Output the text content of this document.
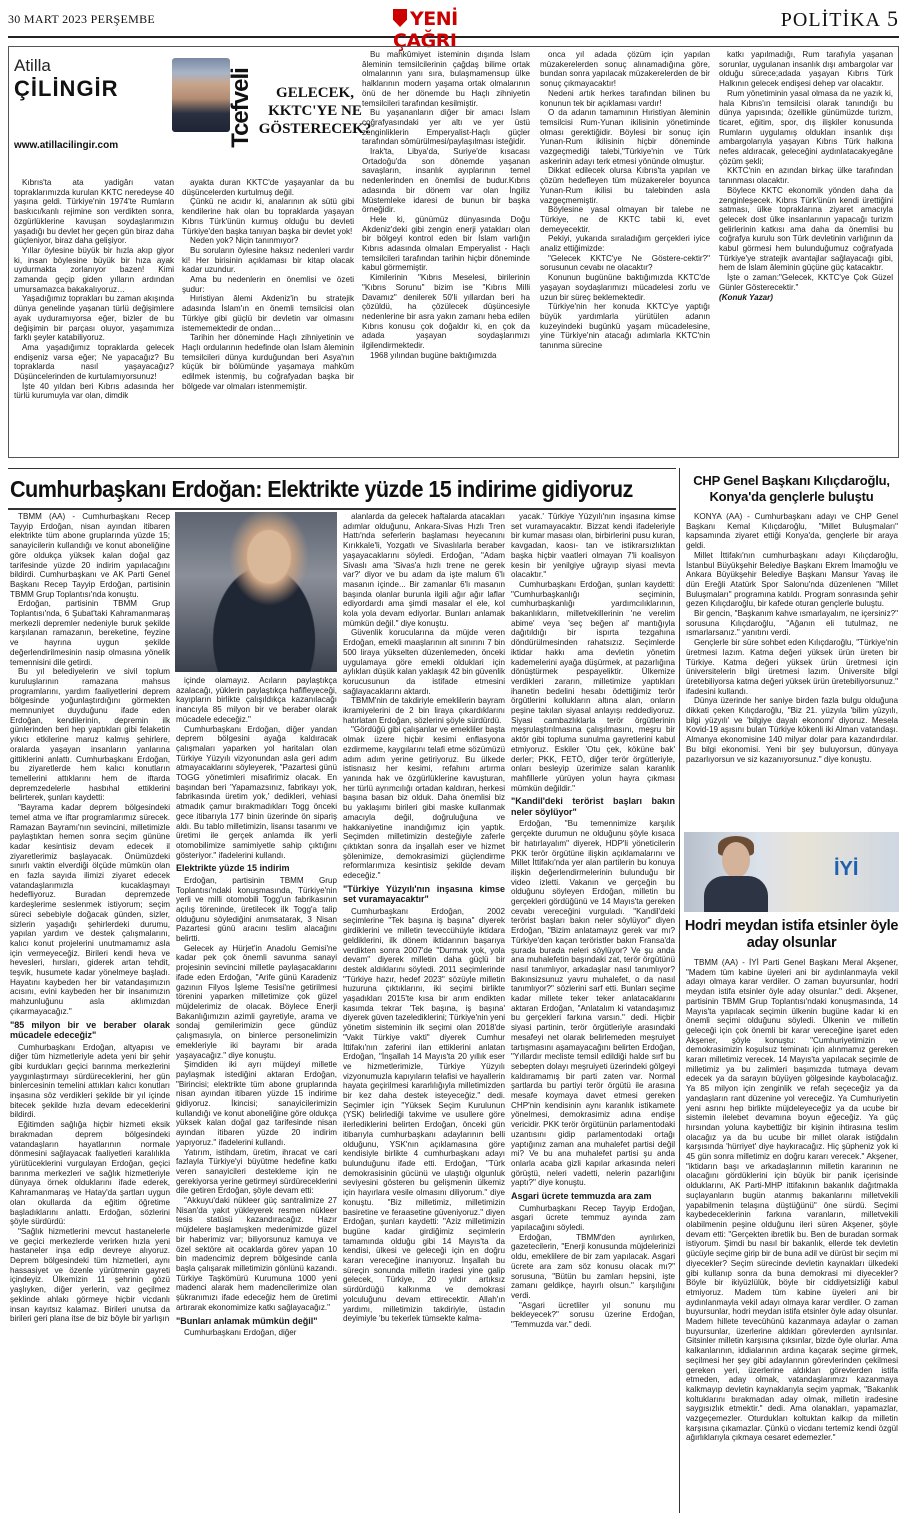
30 MART 2023 PERŞEMBE	YENİ ÇAĞRI
POLİTİKA 5
Atilla
ÇİLİNGİR
www.atillacilingir.com	Tcefveli	GELECEK, KKTC'YE NE GÖSTERECEK?

Kıbrıs'ta ata yadigârı vatan topraklarımızda kurulan KKTC neredeyse 40 yaşına geldi. Türkiye'nin 1974'te Rumların baskıcı/kanlı rejimine son verdikten sonra, özgürlüklerine kavuşan soydaşlarımızın yaşadığı bu devlet her geçen gün biraz daha güçleniyor, biraz daha gelişiyor.

Yıllar öylesine büyük bir hızla akıp giyor ki, insan böylesine büyük bir hıza ayak uydurmakta zorlanıyor bazen! Kimi zamanda geçip giden yılların ardından umursamazca bakakalıyoruz…

Yaşadığımız toprakları bu zaman akışında dünya genelinde yaşanan türlü değişimlere ayak uyduramıyorsa eğer, bizler de bu değişimin bir parçası oluyor, yaşamımıza farklı şeyler katabiliyoruz.

Ama yaşadığımız topraklarda gelecek endişeniz varsa eğer; Ne yapacağız? Bu topraklarda nasıl yaşayacağız? Düşüncelerinden de kurtulamıyorsunuz!

İşte 40 yıldan beri Kıbrıs adasında her türlü kurumuyla var olan, dimdik

ayakta duran KKTC'de yaşayanlar da bu düşüncelerden kurtulmuş değil.

Çünkü ne acıdır ki, analarının ak sütü gibi kendilerine hak olan bu topraklarda yaşayan Kıbrıs Türk'ünün kurmuş olduğu bu devleti Türkiye'den başka tanıyan başka bir devlet yok!

Neden yok? Niçin tanınmıyor?

Bu soruların öylesine haksız nedenleri vardır ki! Her birisinin açıklaması bir kitap olacak kadar uzundur.

Ama bu nedenlerin en önemlisi ve özeti şudur:

Hıristiyan âlemi Akdeniz'in bu stratejik adasında İslam'ın en önemli temsilcisi olan Türkiye gibi güçlü bir devletin var olmasını istememektedir de ondan…

Tarihin her döneminde Haçlı zihniyetinin ve Haçlı ordularının hedefinde olan İslam âleminin temsilcileri dünya kurduğundan beri Asya'nın küçük bir bölümünde yaşamaya mahkûm edilmek istenmiş, bu coğrafyadan başka bir bölgede var olmaları istenmemiştir.

Bu mahkûmiyet isteminin dışında İslam âleminin temsilcilerinin çağdaş bilime ortak olmalarının yanı sıra, bulaşmamensup ülke halklarının modern yaşama ortak olmalarının önü de her dönemde bu Haçlı zihniyetin temsilcileri tarafından kesilmiştir.

Bu yaşananların diğer bir amacı İslam coğrafyasındaki yer altı ve yer üstü zenginliklerin Emperyalist-Haçlı güçler tarafından sömürülmesi/paylaşılması isteğidir.

Irak'ta, Libya'da, Suriye'de kısacası Ortadoğu'da son dönemde yaşanan savaşların, insanlık ayıplarının temel nedenlerinden en önemlisi de budur.Kıbrıs adasında bir dönem var olan İngiliz Müstemleke idaresi de bunun bir başka örneğidir.

Hele ki, günümüz dünyasında Doğu Akdeniz'deki gibi zengin enerji yatakları olan bir bölgeyi kontrol eden bir İslam varlığın Kıbrıs adasında olmaları Emperyalist - Haçlı temsilcileri tarafından tarihin hiçbir döneminde kabul görmemiştir.

Kimilerinin "Kıbrıs Meselesi, birilerinin "Kıbrıs Sorunu" bizim ise "Kıbrıs Milli Davamız" denilerek 50'li yıllardan beri ha çözüldü, ha çözülecek düşüncesiyle nedenlerine bir asra yakın zamanı heba edilen Kıbrıs konusu çok doğaldır ki, en çok da adada yaşayan soydaşlarımızı ilgilendirmektedir.

1968 yılından bugüne baktığımızda

onca yıl adada çözüm için yapılan müzakerelerden sonuç alınamadığına göre, bundan sonra yapılacak müzakerelerden de bir sonuç çıkmayacaktır!

Nedeni artık herkes tarafından bilinen bu konunun tek bir açıklaması vardır!

O da adanın tamamının Hıristiyan âleminin temsilcisi Rum-Yunan ikilisinin yönetiminde olması gerektiğidir. Böylesi bir sonuç için Yunan-Rum ikilisinin hiçbir döneminde vazgeçmediği talebi,"Türkiye'nin ve Türk askerinin adayı terk etmesi yönünde olmuştur.

Dikkat edilecek olursa Kıbrıs'ta yapılan ve çözüm hedefleyen tüm müzakereler boyunca Yunan-Rum ikilisi bu talebinden asla vazgeçmemiştir.

Böylesine yasal olmayan bir talebe ne Türkiye, ne de KKTC tabii ki, evet demeyecektir.

Pekiyi, yukarıda sıraladığım gerçekleri iyice analiz ettiğimizde:

"Gelecek KKTC'ye Ne Göstere-cektir?" sorusunun cevabı ne olacaktır?

Konunun bugününe baktığımızda KKTC'de yaşayan soydaşlarımızı mücadelesi zorlu ve uzun bir süreç beklemektedir.

Türkiye'nin her konuda KKTC'ye yaptığı büyük yardımlarla yürütülen adanın kuzeyindeki bugünkü yaşam mücadelesine, yine Türkiye'nin atacağı adımlarla KKTC'nin tanınma sürecine

katkı yapılmadığı, Rum tarafıyla yaşanan sorunlar, uygulanan insanlık dışı ambargolar var olduğu sürece;adada yaşayan Kıbrıs Türk Halkının gelecek endişesi dehep var olacaktır.

Rum yönetiminin yasal olmasa da ne yazık ki, hala Kıbrıs'ın temsilcisi olarak tanındığı bu dünya yapısında; özellikle günümüzde turizm, ticaret, eğitim, spor, dış ilişkiler konusunda Rumların uygulamış oldukları insanlık dışı ambargolarıyla yaşayan Kıbrıs Türk halkına nefes aldıracak, geleceğini aydınlatacakyegâne çözüm şekli;

KKTC'nin en azından birkaç ülke tarafından tanınması olacaktır.

Böylece KKTC ekonomik yönden daha da zenginleşecek. Kıbrıs Türk'ünün kendi ürettiğini satması, ülke topraklarına ziyaret amacıyla gelecek dost ülke insanlarının yapacağı turizm gelirlerinin katkısı ama daha da önemlisi bu coğrafya kurulu son Türk devletinin varlığının da kabul görmesi hem bulunduğumuz coğrafyada Türkiye'ye stratejik avantajlar sağlayacağı gibi, hem de İslam âleminin güçüne güç katacaktır.

İşte o zaman:"Gelecek, KKTC'ye Çok Güzel Günler Gösterecektir."

(Konuk Yazar)

Cumhurbaşkanı Erdoğan: Elektrikte yüzde 15 indirime gidiyoruz

TBMM (AA) - Cumhurbaşkanı Recep Tayyip Erdoğan, nisan ayından itibaren elektrikte tüm abone gruplarında yüzde 15; sanayicilerin kullandığı ve konut aboneliğine göre oldukça yüksek kalan doğal gaz tarifesinde yüzde 20 indirim yapılacağını bildirdi. Cumhurbaşkanı ve AK Parti Genel Başkanı Recep Tayyip Erdoğan, partisinin TBMM Grup Toplantısı'nda konuştu.

Erdoğan, partisinin TBMM Grup Toplantısı'nda, 6 Şubat'taki Kahramanmaraş merkezli depremler nedeniyle buruk şekilde karşılanan ramazanın, bereketine, feyzine ve hayrına uygun şekilde değerlendirilmesinin nasip olmasına yönelik temennisini dile getirdi.

Bu yıl belediyelerin ve sivil toplum kuruluşlarının ramazana mahsus programlarını, yardım faaliyetlerini deprem bölgesinde yoğunlaştırdığını görmekten memnuniyet duyduğunu ifade eden Erdoğan, kendilerinin, depremin ilk günlerinden beri hep yaptıkları gibi felaketin yıkıcı etkilerine maruz kalmış şehirlere, oralarda yaşayan insanların yanlarına gittiklerini anlattı. Cumhurbaşkanı Erdoğan, bu ziyaretlerde hem kalıcı konutların temellerini attıklarını hem de iftarda depremzedelerle hasbıhal ettiklerini belirterek, şunları kaydetti:

"Bayrama kadar deprem bölgesindeki temel atma ve iftar programlarımız sürecek. Ramazan Bayramı'nın sevincini, milletimizle paylaştıktan hemen sonra seçim gününe kadar kesintisiz devam edecek il ziyaretlerimiz başlayacak. Önümüzdeki sınırlı vaktin elverdiği ölçüde mümkün olan en fazla sayıda ilimizi ziyaret edecek vatandaşlarımızla kucaklaşmayı hedefliyoruz. Buradan depremzede kardeşlerime seslenmek istiyorum; seçim süreci sebebiyle doğacak günden, sizler, sizlerin yaşadığı şehirlerdeki durumu, yapılan yardım ve destek çalışmalarını, kalıcı konut projelerini unutmamamız asla için vermeyeceğiz. Birileri kendi heva ve hevesleri, hırsları, giderek artan tehdit, teşvik, husumete kadar yönelmeye başladı. Hayatını kaybeden her bir vatandaşımızın acısını, evini kaybeden her bir insanımızın mahzunluğunu asla aklımızdan çıkarmayacağız."

"85 milyon bir ve beraber olarak mücadele edeceğiz"

Cumhurbaşkanı Erdoğan, altyapısı ve diğer tüm hizmetleriyle adeta yeni bir şehir gibi kurdukları geçici barınma merkezlerini yaygınlaştırmayı sürdüreceklerini, her gün binlercesinin temelini attıkları kalıcı konutları inşasına söz verdikleri şekilde bir yıl içinde bitecek şekilde hızla devam edeceklerini bildirdi.

Eğitimden sağlığa hiçbir hizmeti eksik bırakmadan deprem bölgesindeki vatandaşların hayatlarının normale dönmesini sağlayacak faaliyetleri karalılıkla yürütüceklerini vurgulayan Erdoğan, geçici barınma merkezleri ve sağlık hizmetleriyle dünyaya örnek olduklarını ifade ederek, Kahramanmaraş ve Hatay'da şartları uygun olan okullarda da eğitim öğretime başladıklarını anlattı. Erdoğan, sözlerini şöyle sürdürdü:

"Sağlık hizmetlerini mevcut hastanelerle ve geçici merkezlerde verirken hızla yeni hastaneler inşa edip devreye alıyoruz. Deprem bölgesindeki tüm hizmetleri, aynı hassasiyet ve özenle yürütmenin gayreti içindeyiz. Ülkemizin 11 şehrinin gözü yaşlıyken, diğer yerlerin, vaz geçilmez şeklinde ahlakı görmeye hiçbir vicdanlı insan kayıtsız kalamaz. Birileri unutsa da birileri geri plana itse de biz böyle bir yarlışın

içinde olamayız. Acıların paylaştıkça azalacağı, yüklerin paylaştıkça hafifleyeceği, kayıpların birlikte çalışıldıkça kazanılacağı inancıyla 85 milyon bir ve beraber olarak mücadele edeceğiz."

Cumhurbaşkanı Erdoğan, diğer yandan deprem bölgesini ayağa kaldıracak çalışmaları yaparken yol haritaları olan Türkiye Yüzyılı vizyonundan asla geri adım atmayacaklarını söyleyerek, "Pazartesi günü TOGG yönetimleri misafirimiz olacak. En başından beri 'Yapamazsınız, fabrikayı yok, fabrikasında üretim yok,' dedikleri, vehiasi atmadık çamur bırakmadıkları Togg önceki gece itibarıyla 177 binin üzerinde ön sipariş aldı. Bu tablo milletimizin, lisansı tasarımı ve üretimi ile gerçek anlamda ilk yerli otomobilimize samimiyetle sahip çıktığını gösteriyor." ifadelerini kullandı.

Elektrikte yüzde 15 indirim

Erdoğan, partisinin TBMM Grup Toplantısı'ndaki konuşmasında, Türkiye'nin yerli ve milli otomobili Togg'un fabrikasının açılış töreninde, üretilecek ilk Togg'a talip olduğunu söylediğini anımsatarak, 3 Nisan Pazartesi günü aracını teslim alacağını belirtti.

Gelecek ay Hürjet'in Anadolu Gemisi'ne kadar pek çok önemli savunma sanayi projesinin sevincini milletle paylaşacaklarını ifade eden Erdoğan, "Arife günü Karadeniz gazının Filyos İşleme Tesisi'ne getirilmesi törenini yaparken milletimize çok güzel müjdelerimiz de olacak. Böylece Enerji Bakanlığımızın azimli gayretiyle, arama ve sondaj gemilerimizin gece gündüz çalışmasıyla, on binlerce personelimizin emekleriyle iki bayramı bir arada yaşayacağız." diye konuştu.

Şimdiden iki ayrı müjdeyi milletle paylaşmak istediğini aktaran Erdoğan, "Birincisi; elektrikte tüm abone gruplarında nisan ayından itibaren yüzde 15 indirime gidiyoruz. İkincisi; sanayicilerimizin kullandığı ve konut aboneliğine göre oldukça yüksek kalan doğal gaz tarifesinde nisan ayından itibaren yüzde 20 indirim yapıyoruz." ifadelerini kullandı.

Yatırım, istihdam, üretim, ihracat ve cari fazlayla Türkiye'yi büyütme hedefine katkı veren sanayicileri destekleme için ne gerekiyorsa yerine getirmeyi sürdüreceklerini dile getiren Erdoğan, şöyle devam etti:

"Akkuyu'daki nükleer güç santralimize 27 Nisan'da yakıt yükleyerek resmen nükleer tesis statüsü kazandıracağız. Hazır müjdelere başlamışken medenimizde güzel bir haberimiz var; biliyorsunuz kamuya ve özel sektöre ait ocaklarda görev yapan 10 bin madencimiz deprem bölgesinde canla başla çalışarak milletimizin gönlünü kazandı. Türkiye Taşkömürü Kurumuna 1000 yeni madenci alarak hem madencilerimize olan şükranımızı ifade edeceğiz hem de üretimi artırarak ekonomimize katkı sağlayacağız."

"Bunları anlamak mümkün değil"

Cumhurbaşkanı Erdoğan, diğer

alanlarda da gelecek haftalarda atacakları adımlar olduğunu, Ankara-Sivas Hızlı Tren Hattı'nda seferlerin başlaması heyecanını Kırıkkale'li, Yozgatlı ve Sivaslılarla beraber yaşayacaklarını söyledi. Erdoğan, "Adam Sivaslı ama 'Sivas'a hızlı trene ne gerek var?' diyor ve bu adam da işte malum 6'lı masanın içinde... Bir zamanlar 6'lı masanın başında olanlar burunla ilgili ağır ağır laflar ediyordardı ama şimdi masalar el ele, kol kola yola devam ediyorlar. Bunları anlamak mümkün değil." diye konuştu.

Güvenlik korucularına da müjde veren Erdoğan, emekli maaşlarının alt sınırını 7 bin 500 liraya yükselten düzenlemeden, önceki uygulamaya göre emekli olduklari için aylıkları düşük kalan yaklaşık 42 bin güvenlik korucusunun da istifade etmesini sağlayacaklarını aktardı.

TBMM'nin de takdiriyle emeklilerin bayram ikramiyelerini de 2 bin liraya çıkardıklarını hatırlatan Erdoğan, sözlerini şöyle sürdürdü.

"Gördüğü gibi çalışanlar ve emekliler başta olmak üzere hiçbir kesimi enflasyona ezdirmeme, kaygılarını telafi etme sözümüzü adım adım yerine getiriyoruz. Bu ülkede istisnasız her kesimi, refahını artırma yanında hak ve özgürlüklerine kavuşturan, her türlü ayrımcılığı ortadan kaldıran, herkesi başına basan biz olduk. Daha önemlisi biz bu yaklaşımı birileri gibi maske kullanmak amacıyla değil, doğruluğuna ve hakkaniyetine inandığımız için yaptık. Seçimden milletimizin desteğiyle zaferle çıktıktan sonra da inşallah eser ve hizmet şölenimize, demokrasimizi güçlendirme reformlarımıza kesintisiz şekilde devam edeceğiz."

"Türkiye Yüzyılı'nın inşasına kimse set vuramayacaktır"

Cumhurbaşkanı Erdoğan, 2002 seçimlerine "Tek başına iş başına" diyerek girdiklerini ve milletin teveccühüyle iktidara geldiklerini, ilk dönem iktidarının başarıya verdikten sonra 2007'de "Durmak yok, yola devam" diyerek milletin daha güçlü bir destek aldıklarını söyledi. 2011 seçimlerinde "Türkiye hazır, hedef 2023" sözüyle milletin huzuruna çıktıklarını, iki seçimi birlikte yaşadıkları 2015'te kısa bir arım endikten kasımda tekrar 'Tek başına, iş başına' diyerek güven tazelediklerini; Türkiye'nin yeni yönetim sisteminin ilk seçimi olan 2018'de "Vakit Türkiye vakti" diyerek Cumhur İttifakı'nın zaferini ilan ettiklerini anlatan Erdoğan, "İnşallah 14 Mayıs'ta 20 yıllık eser ve hizmetlerimizle, Türkiye Yüzyılı vizyonumuzla kapıyıların telafisi ve hayallerin hayata geçirilmesi kararlılığıyla milletimizden bir kez daha destek isteyeceğiz." dedi. Seçimler için "Yüksek Seçim Kurulunun (YSK) belirlediği takvime ve usullere göre ilerlediklerini belirten Erdoğan, önceki gün itibarıyla cumhurbaşkanı adaylarının belli olduğunu, YSK'nın açıklamasına göre kendisiyle birlikte 4 cumhurbaşkanı adayı bulunduğunu ifade etti. Erdoğan, "Türk demokrasisinin gücünü ve ulaştığı olgunluk seviyesini gösteren bu gelişmenin ülkemiz için hayırlara vesile olmasını diliyorum." diye konuştu. "Biz milletimiz, milletimizin basiretine ve feraasetine güveniyoruz." diyen Erdoğan, şunları kaydetti: "Aziz milletimizin bugüne kadar girdiğimiz seçimlerin tamamında olduğu gibi 14 Mayıs'ta da kendisi, ülkesi ve geleceği için en doğru kararı vereceğine inanıyoruz. İnşallah bu süreçin sonunda milletin iradesi yine galip gelecek, Türkiye, 20 yıldır artıksız sürdürdüğü kalkınma ve demokrasi yolculuğunu devam ettirecektir. Allah'ın yardımı, milletimizin takdiriyle, üstadın deyimiyle 'bu tekerlek tümsekte kalma-

yacak.' Türkiye Yüzyılı'nın inşasına kimse set vuramayacaktır. Bizzat kendi ifadeleriyle bir kumar masası olan, birbirlerini pusu kuran, kavgadan, kaosı- tan ve istikrarsızlıktan başka hiçbir vaatleri olmayan 7'li koalisyon kesin bir yenilgiye uğrayıp siyasi mevta olacaktır."

Cumhurbaşkanı Erdoğan, şunları kaydetti: "Cumhurbaşkanlığı seçiminin, cumhurbaşkanlığı yardımcılıklarının, bakanlıkların, milletvekillerinin 'ne verelim abime' veya 'seç beğen al' mantığıyla dağıtıldığı bir ispırta tezgahına döndürülmesinden rahatsızız. Seçimlerde iktidar hakkı ama devletin yönetim kademelerini ayağa düşürmek, at pazarlığına dönüştürmek pespayeliktir. Ülkemize verdikleri zararın, milletimize yaptıkları ihanetin bedelini hesabı ödettiğimiz terör örgütlerini kollukların altına alan, onların peşine takılan siyasal anlayışı reddediyoruz. Siyasi cambazlıklarla terör örgütlerinin meşrulaştırılmasına çalışılmasını, meşru bir aktör gibi topluma sunulma gayretlerini kabul etmiyoruz. Eskiler 'Otu çek, köküne bak' derler; PKK, FETÖ, diğer terör örgütleriyle, onları besleyip üzerimize salan karanlık mahfillerle yürüyen yolun hayra çıkması mümkün değildir."

"Kandil'deki terörist başları bakın neler söylüyor"

Erdoğan, "Bu temennimize karşılık gerçekte durumun ne olduğunu şöyle kısaca bir hatırlayalım" diyerek, HDP'li yöneticilerin PKK terör örgütüne ilişkin açıklamalarını ve Millet İttifakı'nda yer alan partilerin bu konuya ilişkin değerlendirmelerinin bulunduğu bir video izletti. Vakanın ve gerçeğin bu olduğunu söyleyen Erdoğan, milletin bu gerçekleri gördüğünü ve 14 Mayıs'ta gereken cevabı vereceğini vurguladı. "Kandil'deki terörist başları bakın neler söylüyor" diyen Erdoğan, "Bizim anlatamayız gerek var mı? Türkiye'den kaçan teröristler bakın Fransa'da şurada burada neleri söylüyor? Ve şu anda ana muhalefetin başındaki zat, terör örgütünü nasıl tanımlıyor, arkadaşlar nasıl tanımlıyor? Bakınsizsunuz yavru muhalefet, o da nasıl tanımlıyor?" sözlerini sarf etti. Bunları seçime kadar millete teker teker anlatacaklarını aktaran Erdoğan, "Anlatalım ki vatandaşımız bu gerçekleri farkına varsın." dedi. Hiçbir siyasi partinin, terör örgütleriyle arasındaki mesafeyi net olarak belirlemeden meşruiyet tartışmasını aşamayacağını belirten Erdoğan, "Yıllardır mecliste temsil edildiği halde sırf bu sebepten dolayı meşruiyeti üzerindeki gölgeyi kaldıramamış bir parti zaten var. Normal şartlarda bu partiyi terör örgütü ile arasına mesafe koymaya davet etmesi gereken CHP'nin kendisinin aynı karanlık istikamete yönelmesi, demokrasimiz adına endişe vericidir. PKK terör örgütünün parlamentodaki uzantısını gidip parlamentodaki ortağı yaptığınız zaman ana muhalefet partisi değil mi? Ve bu ana muhalefet partisi şu anda onlarla acaba gizli kapılar arkasında neleri görüştü, neleri vadetti, nelerin pazarlığını yaptı?" diye konuştu.

Asgari ücrete temmuzda ara zam

Cumhurbaşkanı Recep Tayyip Erdoğan, asgari ücrete temmuz ayında zam yapılacağını söyledi.

Erdoğan, TBMM'den ayrılırken, gazetecilerin, "Enerji konusunda müjdelerinizi oldu, emeklilere de bir zam yapılacak. Asgari ücrete ara zam söz konusu olacak mı?" sorusuna, "Bütün bu zamları hepsini, işte zamanı geldikçe, hayırlı olsun." karşılığını verdi.

"Asgari ücretliler yıl sonunu mu bekleyecek?" sorusu üzerine Erdoğan, "Temmuzda var." dedi.

CHP Genel Başkanı Kılıçdaroğlu, Konya'da gençlerle buluştu

KONYA (AA) - Cumhurbaşkanı adayı ve CHP Genel Başkanı Kemal Kılıçdaroğlu, "Millet Buluşmaları" kapsamında ziyaret ettiği Konya'da, gençlerle bir araya geldi.

Millet İttifakı'nın cumhurbaşkanı adayı Kılıçdaroğlu, İstanbul Büyükşehir Belediye Başkanı Ekrem İmamoğlu ve Ankara Büyükşehir Belediye Başkanı Mansur Yavaş ile dün Ereğli Atatürk Spor Salonu'nda düzenlenen "Millet Buluşmaları" programına katıldı. Program sonrasında şehir gezen Kılıçdaroğlu, bir kafede oturan gençlerle buluştu.

Bir gencin, "Başkanım kahve ısmarlayalım, ne içersiniz?" sorusuna Kılıçdaroğlu, "Ağanın eli tutulmaz, ne ısmarlarsanız." yanıtını verdi.

Gençlerle bir süre sohbet eden Kılıçdaroğlu, "Türkiye'nin üretmesi lazım. Katma değeri yüksek ürün üreten bir Türkiye. Katma değeri yüksek ürün üretmesi için üniversitelerin bilgi üretmesi lazım. Üniversite bilgi üretebiliyorsa katma değeri yüksek ürün üretebiliyorsunuz." ifadesini kullandı.

Dünya üzerinde her saniye birden fazla bulgu olduğuna dikkati çeken Kılıçdaroğlu, "Biz 21. yüzyıla 'bilim yüzyılı, bilgi yüzyılı' ve 'bilgiye dayalı ekonomi' diyoruz. Mesela Kovid-19 aşısını bulan Türkiye kökenli iki Alman vatandaşı. Almanya ekonomisine 140 milyar dolar para kazandırdılar. Bu bilgi ekonomisi. Yeni bir şey buluyorsun, dünyaya pazarlıyorsun ve siz kazanıyorsunuz." diye konuştu.

İYİ
Hodri meydan istifa etsinler öyle aday olsunlar

TBMM (AA) - İYİ Parti Genel Başkanı Meral Akşener, "Madem tüm kabine üyeleri ani bir aydınlanmayla vekil adayı olmaya karar verdiler. O zaman buyursunlar, hodri meydan istifa etsinler öyle aday olsunlar." dedi. Akşener, partisinin TBMM Grup Toplantısı'ndaki konuşmasında, 14 Mayıs'ta yapılacak seçimin ülkenin bugüne kadar ki en önemli seçimi olduğunu söyledi. Ülkenin ve milletin geleceği için çok önemli bir karar vereceğine işaret eden Akşener, şöyle konuştu: "Cumhuriyetimizin ve demokrasimizin koşulsuz teminatı için alınmamız gereken kararı milletimiz verecek. 14 Mayıs'ta yapılacak seçimle de milletimiz ya bu zalimleri başımızda tutmaya devam edecek ya da sarayın büyüyen gölgesinde kaybolacağız. Ya 85 milyon için zenginlik ve refah seçeceğiz ya da yandaşların rant düzenine yol vereceğiz. Ya Cumhuriyetin yeni asrını hep birlikte müjdeleyeceğiz ya da ucube bir sistemin ilelebet devamına boyun eğeceğiz. Ya güç hırsından yoluna kaybettiğiz bir kişinin ihtirasına teslim olacağız ya da bu ucube bir millet olarak istiğdalın karşısında 'hürriyet' diye haykıracağız. Hiç şüpheniz yok ki 45 gün sonra milletimiz en doğru kararı verecek." Akşener, "iktidarın başı ve arkadaşlarının milletin kararının ne olacağını gördüklerini için büyük bir panik içerisinde olduklarını, AK Parti-MHP ittifakının bakanlık dağıtmakla suçlayanların bugün atanmış bakanlarını milletvekili yapabilmenin telaşına düştüğünü" öne sürdü. Seçimi kaybedeceklerinin farkına varanların, milletvekili olabilmenin peşine olduğunu ileri süren Akşener, şöyle devam etti: "Gerçekten ibretlik bu. Ben de buradan sormak istiyorum. Şimdi bu nasıl bir bakanlık, ellerde tek devletin gücüyle seçime girip bir de buna adil ve dürüst bir seçim mi diyecekler? Seçim sürecinde devletin kaynakları ülkedeki gibi kullanıp sonra da buna demokrasi mi diyecekler? Böyle bir ikiyüzlülük, böyle bir ciddiyetsizliği kabul etmiyoruz. Madem tüm kabine üyeleri ani bir aydınlanmayla vekil adayı olmaya karar verdiler. O zaman buyursunlar, hodri meydan istifa etsinler öyle aday olsunlar. Madem hillete tevecühünü kazanmaya adaylar o zaman buyursunlar, üzerlerine aldıkları görevlerden ayrılsınlar. Gitsinler milletin karşısına çıksınlar, bizde öyle olurlar. Ama kalkanlarının, iddialarının ardına kaçarak seçime girmek, seçilmesi her şey gibi adaylarının görevlerinden çekilmesi gereken yeri, üzerlerine aldıkları görevlerden istifa etmeden, aday olmak, vatandaşlarımızı kazanmaya kalkmayıp devletin kaynaklarıyla seçim yapmak, "Bakanlık koltuklarını bırakmadan aday olmak, milletin iradesine saygısızlık etmektir." dedi. Ama olanakları, yapamazlar, vazgeçemezler. Oturdukları koltuktan kalkıp da milletin karşısına çıkamazlar. Çünkü o vicdanı tertemiz kendi özgül ağırlıklarıyla çıkmaya cesaret edemezler."
